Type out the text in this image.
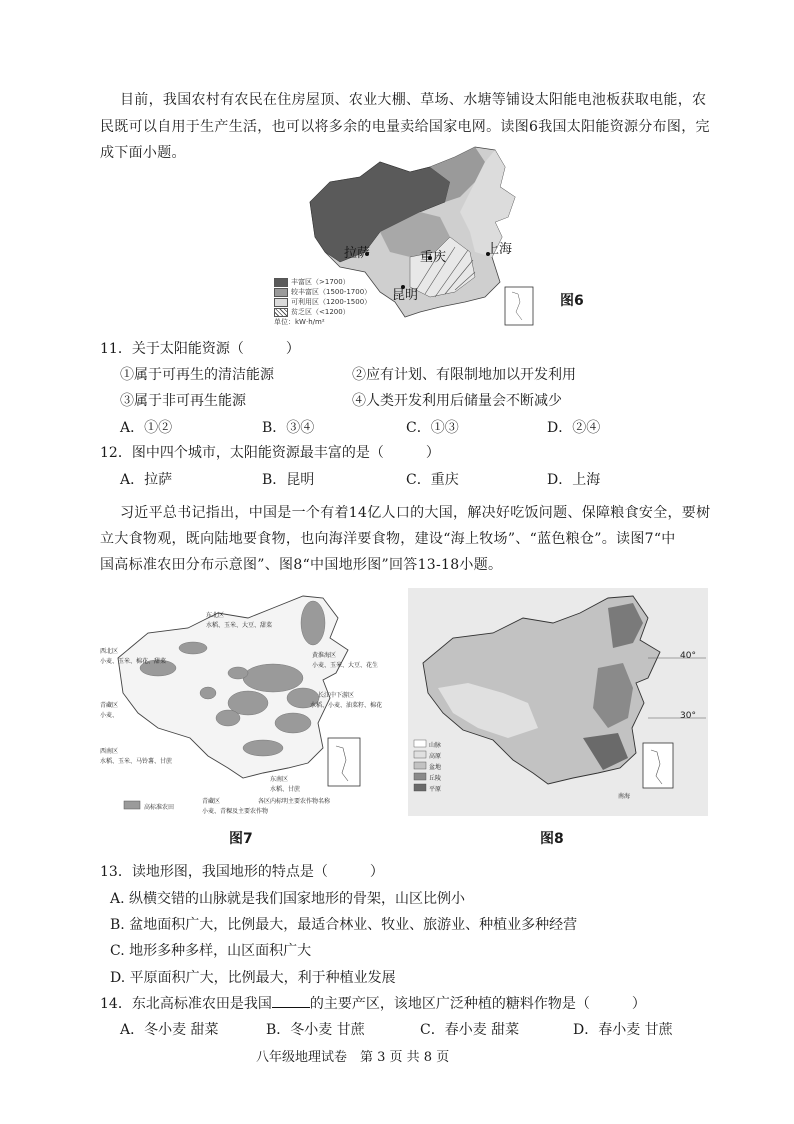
目前，我国农村有农民在住房屋顶、农业大棚、草场、水塘等铺设太阳能电池板获取电能，农
民既可以自用于生产生活，也可以将多余的电量卖给国家电网。读图6我国太阳能资源分布图，完
成下面小题。
拉萨	重庆
上海
昆明
丰富区（>1700）
较丰富区（1500-1700）
可利用区（1200-1500）
贫乏区（<1200）
单位：kW·h/m²
图6
11．关于太阳能资源（　　　）
①属于可再生的清洁能源	②应有计划、有限制地加以开发利用
③属于非可再生能源	④人类开发利用后储量会不断减少
A．①②	B．③④	C．①③	D．②④
12．图中四个城市，太阳能资源最丰富的是（　　　）
A．拉萨	B．昆明	C．重庆	D．上海
习近平总书记指出，中国是一个有着14亿人口的大国，解决好吃饭问题、保障粮食安全，要树
立大食物观，既向陆地要食物，也向海洋要食物，建设“海上牧场”、“蓝色粮仓”。读图7“中
国高标准农田分布示意图”、图8“中国地形图”回答13-18小题。
东北区
水稻、玉米、大豆、甜菜
西北区
小麦、玉米、棉花、甜菜
黄淮海区
小麦、玉米、大豆、花生
青藏区
小麦、
长江中下游区
水稻、小麦、油菜籽、棉花
西南区
水稻、玉米、马铃薯、甘蔗
东南区
水稻、甘蔗
青藏区
小麦、青稞及主要农作物
高标准农田
各区内标明主要农作物名称
图7
40°
30°
山脉
高原
盆地
丘陵
平原
南海
图8
13．读地形图，我国地形的特点是（　　　）
A. 纵横交错的山脉就是我们国家地形的骨架，山区比例小
B. 盆地面积广大，比例最大，最适合林业、牧业、旅游业、种植业多种经营
C. 地形多种多样，山区面积广大
D. 平原面积广大，比例最大，利于种植业发展
14．东北高标准农田是我国	的主要产区，该地区广泛种植的糖料作物是（　　　）
A．冬小麦 甜菜	B．冬小麦 甘蔗	C．春小麦 甜菜	D．春小麦 甘蔗
八年级地理试卷　第 3 页 共 8 页
